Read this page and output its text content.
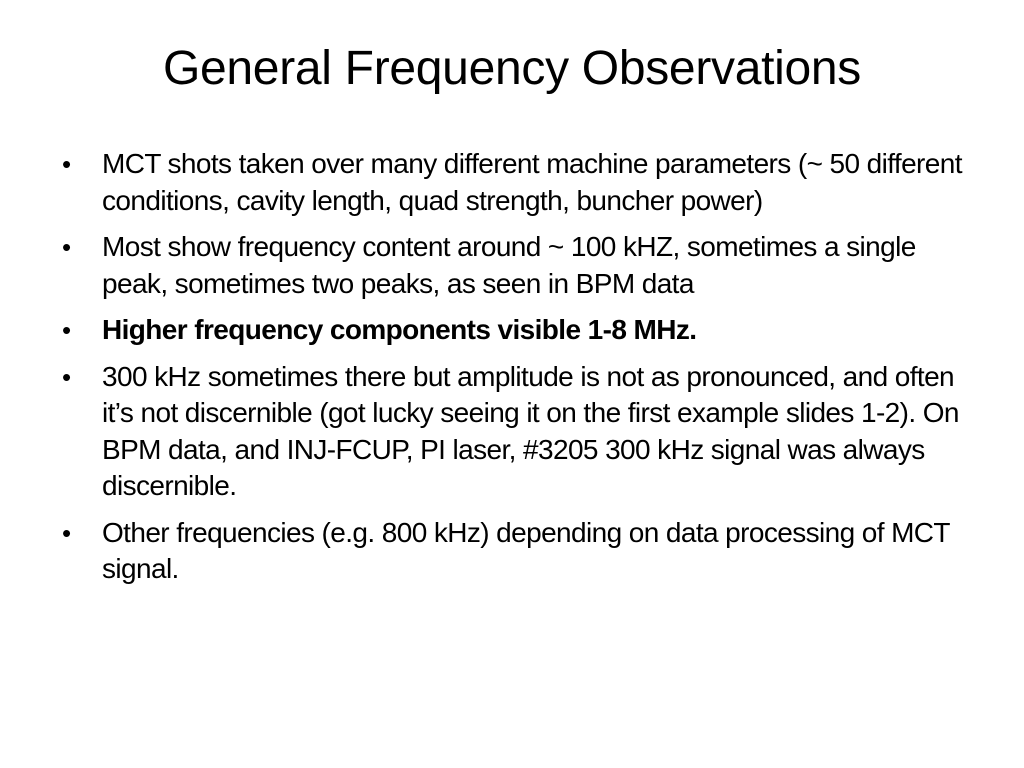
General Frequency Observations
•	MCT shots taken over many different machine parameters (~ 50 different conditions, cavity length, quad strength, buncher power)
•	Most show frequency content around ~ 100 kHZ, sometimes a single peak, sometimes two peaks, as seen in BPM data
•	Higher frequency components visible 1-8 MHz.
•	300 kHz sometimes there but amplitude is not as pronounced, and often it’s not discernible (got lucky seeing it on the first example slides 1-2). On BPM data, and INJ-FCUP, PI laser, #3205 300 kHz signal was always discernible.
•	Other frequencies (e.g. 800 kHz) depending on data processing of MCT signal.
